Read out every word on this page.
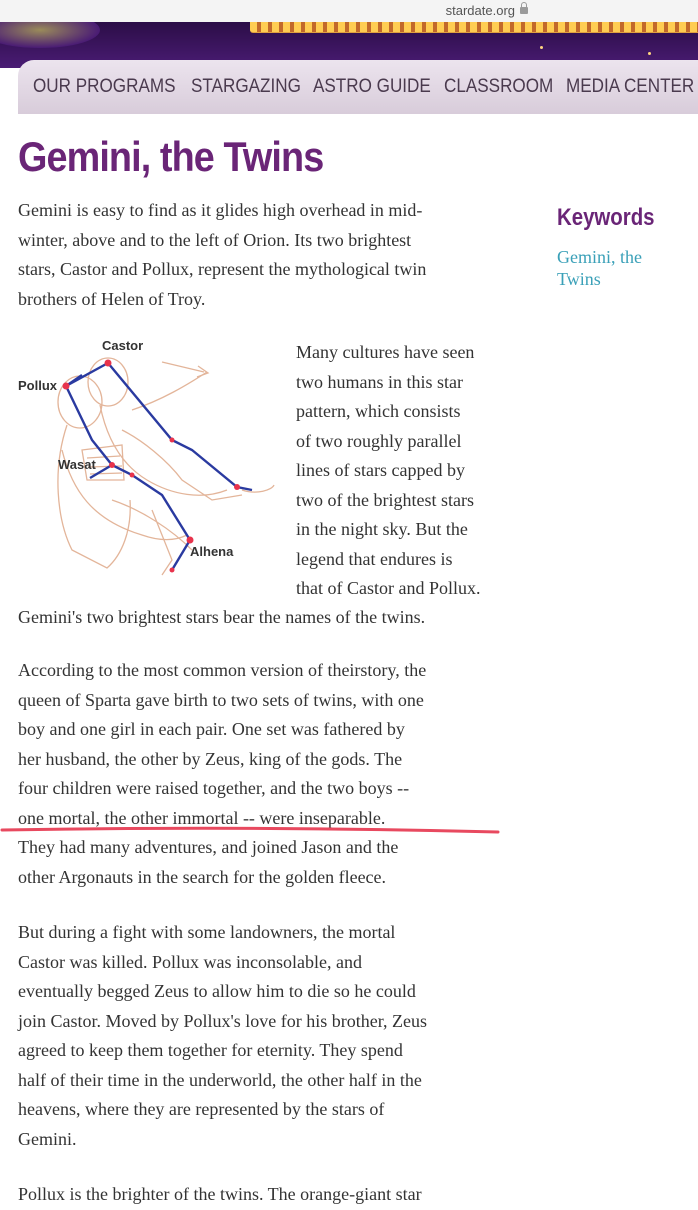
stardate.org
OUR PROGRAMS STARGAZING ASTRO GUIDE CLASSROOM MEDIA CENTER
Gemini, the Twins
Gemini is easy to find as it glides high overhead in mid-
winter, above and to the left of Orion. Its two brightest
stars, Castor and Pollux, represent the mythological twin
brothers of Helen of Troy.
Keywords
Gemini, the Twins
Castor
Pollux
Wasat
Alhena
Many cultures have seen
two humans in this star
pattern, which consists
of two roughly parallel
lines of stars capped by
two of the brightest stars
in the night sky. But the
legend that endures is
that of Castor and Pollux.
Gemini's two brightest stars bear the names of the twins.
According to the most common version of theirstory, the
queen of Sparta gave birth to two sets of twins, with one
boy and one girl in each pair. One set was fathered by
her husband, the other by Zeus, king of the gods. The
four children were raised together, and the two boys --
one mortal, the other immortal -- were inseparable.
They had many adventures, and joined Jason and the
other Argonauts in the search for the golden fleece.
But during a fight with some landowners, the mortal
Castor was killed. Pollux was inconsolable, and
eventually begged Zeus to allow him to die so he could
join Castor. Moved by Pollux's love for his brother, Zeus
agreed to keep them together for eternity. They spend
half of their time in the underworld, the other half in the
heavens, where they are represented by the stars of
Gemini.
Pollux is the brighter of the twins. The orange-giant star
